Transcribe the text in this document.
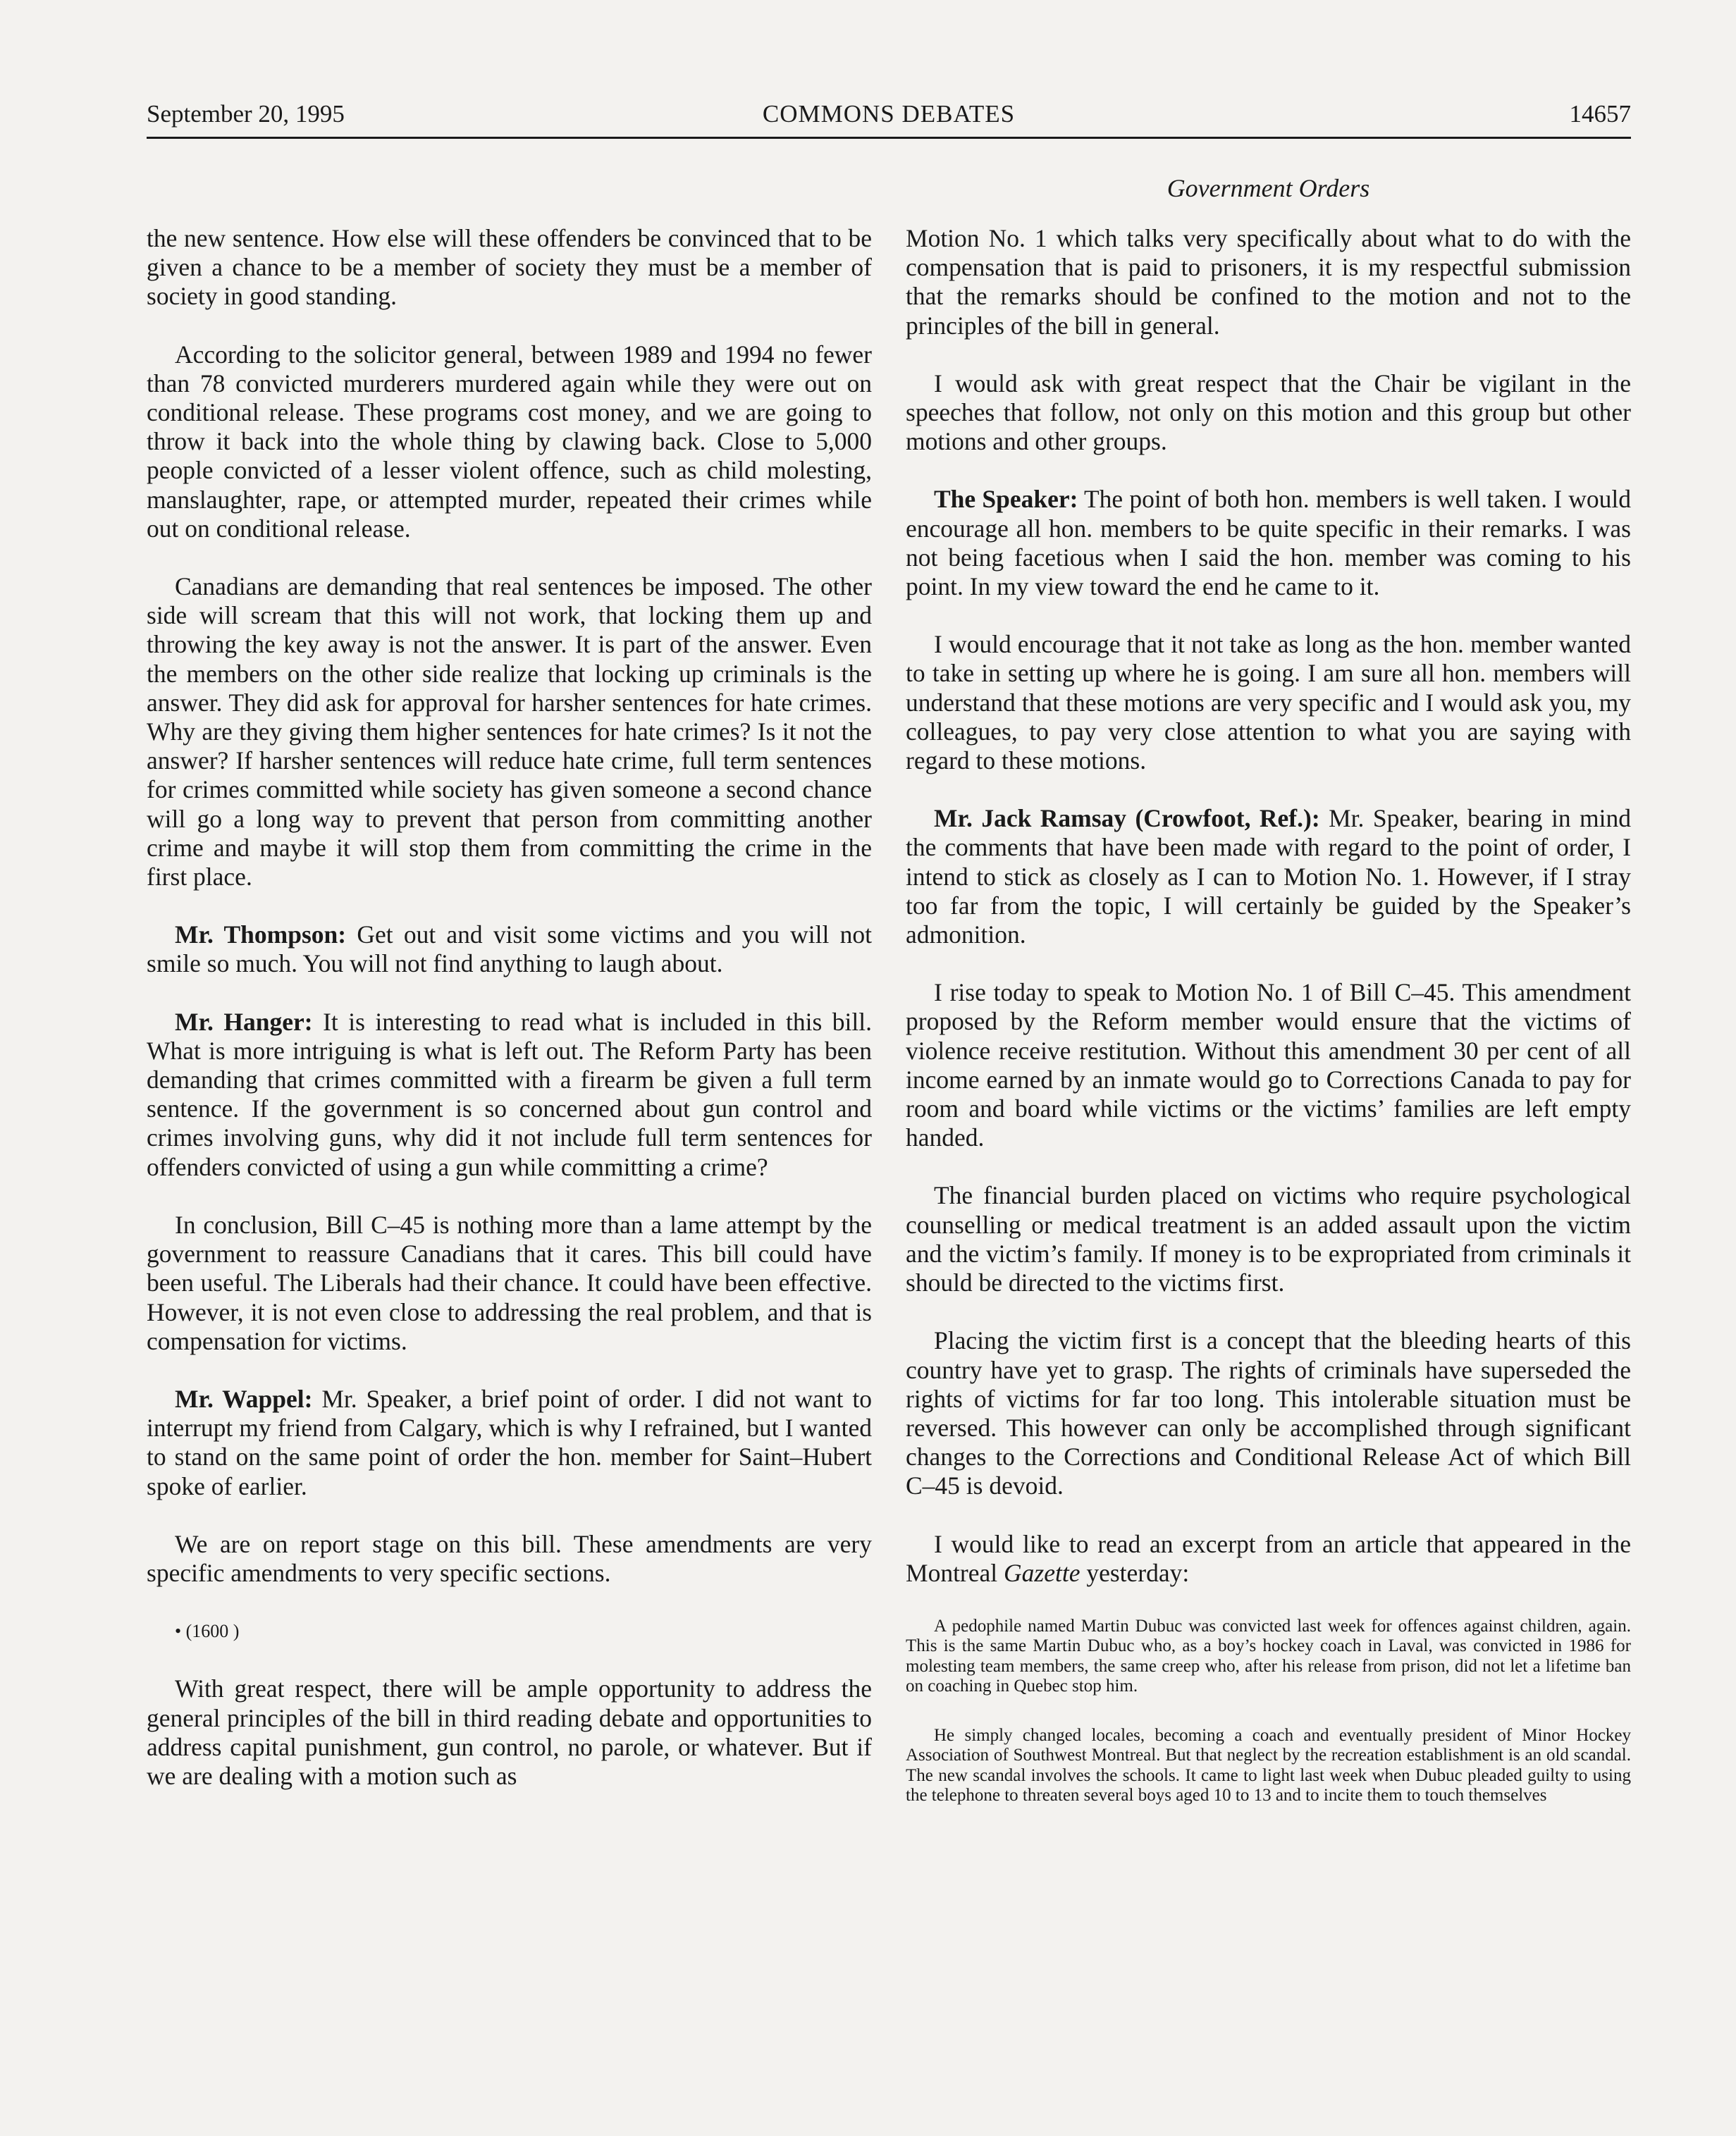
September 20, 1995	COMMONS DEBATES	14657
Government Orders

the new sentence. How else will these offenders be convinced that to be given a chance to be a member of society they must be a member of society in good standing.

According to the solicitor general, between 1989 and 1994 no fewer than 78 convicted murderers murdered again while they were out on conditional release. These programs cost money, and we are going to throw it back into the whole thing by clawing back. Close to 5,000 people convicted of a lesser violent offence, such as child molesting, manslaughter, rape, or attempted murder, repeated their crimes while out on conditional release.

Canadians are demanding that real sentences be imposed. The other side will scream that this will not work, that locking them up and throwing the key away is not the answer. It is part of the answer. Even the members on the other side realize that locking up criminals is the answer. They did ask for approval for harsher sentences for hate crimes. Why are they giving them higher sentences for hate crimes? Is it not the answer? If harsher sentences will reduce hate crime, full term sentences for crimes committed while society has given someone a second chance will go a long way to prevent that person from committing another crime and maybe it will stop them from committing the crime in the first place.

Mr. Thompson: Get out and visit some victims and you will not smile so much. You will not find anything to laugh about.

Mr. Hanger: It is interesting to read what is included in this bill. What is more intriguing is what is left out. The Reform Party has been demanding that crimes committed with a firearm be given a full term sentence. If the government is so concerned about gun control and crimes involving guns, why did it not include full term sentences for offenders convicted of using a gun while committing a crime?

In conclusion, Bill C–45 is nothing more than a lame attempt by the government to reassure Canadians that it cares. This bill could have been useful. The Liberals had their chance. It could have been effective. However, it is not even close to addressing the real problem, and that is compensation for victims.

Mr. Wappel: Mr. Speaker, a brief point of order. I did not want to interrupt my friend from Calgary, which is why I refrained, but I wanted to stand on the same point of order the hon. member for Saint–Hubert spoke of earlier.

We are on report stage on this bill. These amendments are very specific amendments to very specific sections.

• (1600 )

With great respect, there will be ample opportunity to address the general principles of the bill in third reading debate and opportunities to address capital punishment, gun control, no parole, or whatever. But if we are dealing with a motion such as

Motion No. 1 which talks very specifically about what to do with the compensation that is paid to prisoners, it is my respectful submission that the remarks should be confined to the motion and not to the principles of the bill in general.

I would ask with great respect that the Chair be vigilant in the speeches that follow, not only on this motion and this group but other motions and other groups.

The Speaker: The point of both hon. members is well taken. I would encourage all hon. members to be quite specific in their remarks. I was not being facetious when I said the hon. member was coming to his point. In my view toward the end he came to it.

I would encourage that it not take as long as the hon. member wanted to take in setting up where he is going. I am sure all hon. members will understand that these motions are very specific and I would ask you, my colleagues, to pay very close attention to what you are saying with regard to these motions.

Mr. Jack Ramsay (Crowfoot, Ref.): Mr. Speaker, bearing in mind the comments that have been made with regard to the point of order, I intend to stick as closely as I can to Motion No. 1. However, if I stray too far from the topic, I will certainly be guided by the Speaker’s admonition.

I rise today to speak to Motion No. 1 of Bill C–45. This amendment proposed by the Reform member would ensure that the victims of violence receive restitution. Without this amendment 30 per cent of all income earned by an inmate would go to Corrections Canada to pay for room and board while victims or the victims’ families are left empty handed.

The financial burden placed on victims who require psychological counselling or medical treatment is an added assault upon the victim and the victim’s family. If money is to be expropriated from criminals it should be directed to the victims first.

Placing the victim first is a concept that the bleeding hearts of this country have yet to grasp. The rights of criminals have superseded the rights of victims for far too long. This intolerable situation must be reversed. This however can only be accomplished through significant changes to the Corrections and Conditional Release Act of which Bill C–45 is devoid.

I would like to read an excerpt from an article that appeared in the Montreal Gazette yesterday:

A pedophile named Martin Dubuc was convicted last week for offences against children, again. This is the same Martin Dubuc who, as a boy’s hockey coach in Laval, was convicted in 1986 for molesting team members, the same creep who, after his release from prison, did not let a lifetime ban on coaching in Quebec stop him.

He simply changed locales, becoming a coach and eventually president of Minor Hockey Association of Southwest Montreal. But that neglect by the recreation establishment is an old scandal. The new scandal involves the schools. It came to light last week when Dubuc pleaded guilty to using the telephone to threaten several boys aged 10 to 13 and to incite them to touch themselves
